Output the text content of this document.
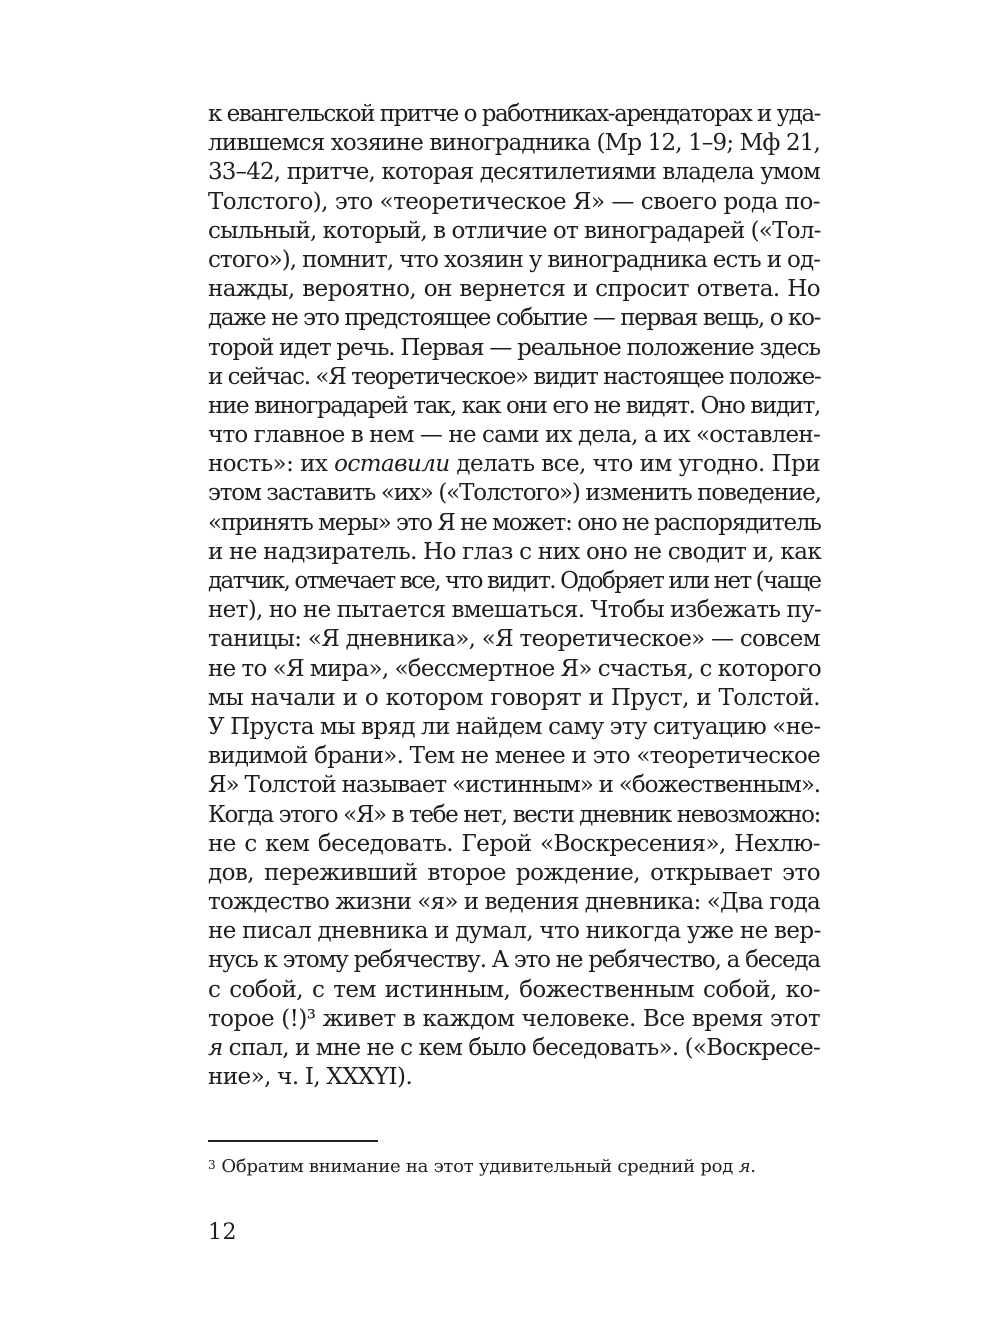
к евангельской притче о работниках-арендаторах и уда-
лившемся хозяине виноградника (Мр 12, 1–9; Мф 21,
33–42, притче, которая десятилетиями владела умом
Толстого), это «теоретическое Я» — своего рода по-
сыльный, который, в отличие от виноградарей («Тол-
стого»), помнит, что хозяин у виноградника есть и од-
нажды, вероятно, он вернется и спросит ответа. Но
даже не это предстоящее событие — первая вещь, о ко-
торой идет речь. Первая — реальное положение здесь
и сейчас. «Я теоретическое» видит настоящее положе-
ние виноградарей так, как они его не видят. Оно видит,
что главное в нем — не сами их дела, а их «оставлен-
ность»: их оставили делать все, что им угодно. При
этом заставить «их» («Толстого») изменить поведение,
«принять меры» это Я не может: оно не распорядитель
и не надзиратель. Но глаз с них оно не сводит и, как
датчик, отмечает все, что видит. Одобряет или нет (чаще
нет), но не пытается вмешаться. Чтобы избежать пу-
таницы: «Я дневника», «Я теоретическое» — совсем
не то «Я мира», «бессмертное Я» счастья, с которого
мы начали и о котором говорят и Пруст, и Толстой.
У Пруста мы вряд ли найдем саму эту ситуацию «не-
видимой брани». Тем не менее и это «теоретическое
Я» Толстой называет «истинным» и «божественным».
Когда этого «Я» в тебе нет, вести дневник невозможно:
не с кем беседовать. Герой «Воскресения», Нехлю-
дов, переживший второе рождение, открывает это
тождество жизни «я» и ведения дневника: «Два года
не писал дневника и думал, что никогда уже не вер-
нусь к этому ребячеству. А это не ребячество, а беседа
с собой, с тем истинным, божественным собой, ко-
торое (!)³ живет в каждом человеке. Все время этот
я спал, и мне не с кем было беседовать». («Воскресе-
ние», ч. I, XXXYI).
$^3$ Обратим внимание на этот удивительный средний род я.
12
